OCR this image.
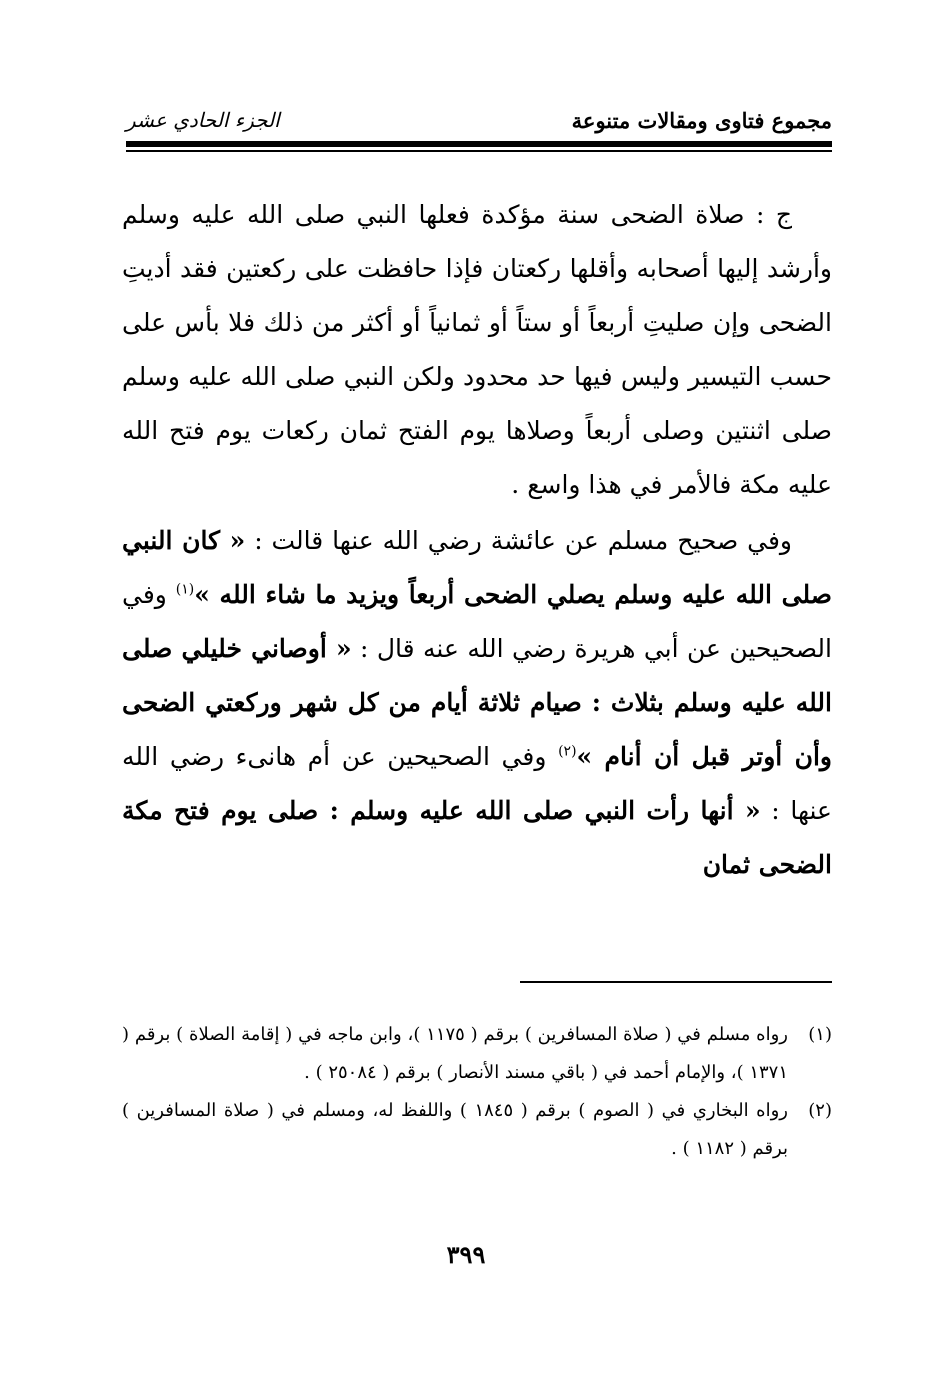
مجموع فتاوى ومقالات متنوعة
الجزء الحادي عشر

ج : صلاة الضحى سنة مؤكدة فعلها النبي صلى الله عليه وسلم وأرشد إليها أصحابه وأقلها ركعتان فإذا حافظت على ركعتين فقد أديتِ الضحى وإن صليتِ أربعاً أو ستاً أو ثمانياً أو أكثر من ذلك فلا بأس على حسب التيسير وليس فيها حد محدود ولكن النبي صلى الله عليه وسلم صلى اثنتين وصلى أربعاً وصلاها يوم الفتح ثمان ركعات يوم فتح الله عليه مكة فالأمر في هذا واسع .

وفي صحيح مسلم عن عائشة رضي الله عنها قالت : « كان النبي صلى الله عليه وسلم يصلي الضحى أربعاً ويزيد ما شاء الله »$^{(١)}$ وفي الصحيحين عن أبي هريرة رضي الله عنه قال : « أوصاني خليلي صلى الله عليه وسلم بثلاث : صيام ثلاثة أيام من كل شهر وركعتي الضحى وأن أوتر قبل أن أنام »$^{(٢)}$ وفي الصحيحين عن أم هانىء رضي الله عنها : « أنها رأت النبي صلى الله عليه وسلم : صلى يوم فتح مكة الضحى ثمان

(١)
رواه مسلم في ( صلاة المسافرين ) برقم ( ١١٧٥ )، وابن ماجه في ( إقامة الصلاة ) برقم ( ١٣٧١ )، والإمام أحمد في ( باقي مسند الأنصار ) برقم ( ٢٥٠٨٤ ) .
(٢)
رواه البخاري في ( الصوم ) برقم ( ١٨٤٥ ) واللفظ له، ومسلم في ( صلاة المسافرين ) برقم ( ١١٨٢ ) .
٣٩٩
